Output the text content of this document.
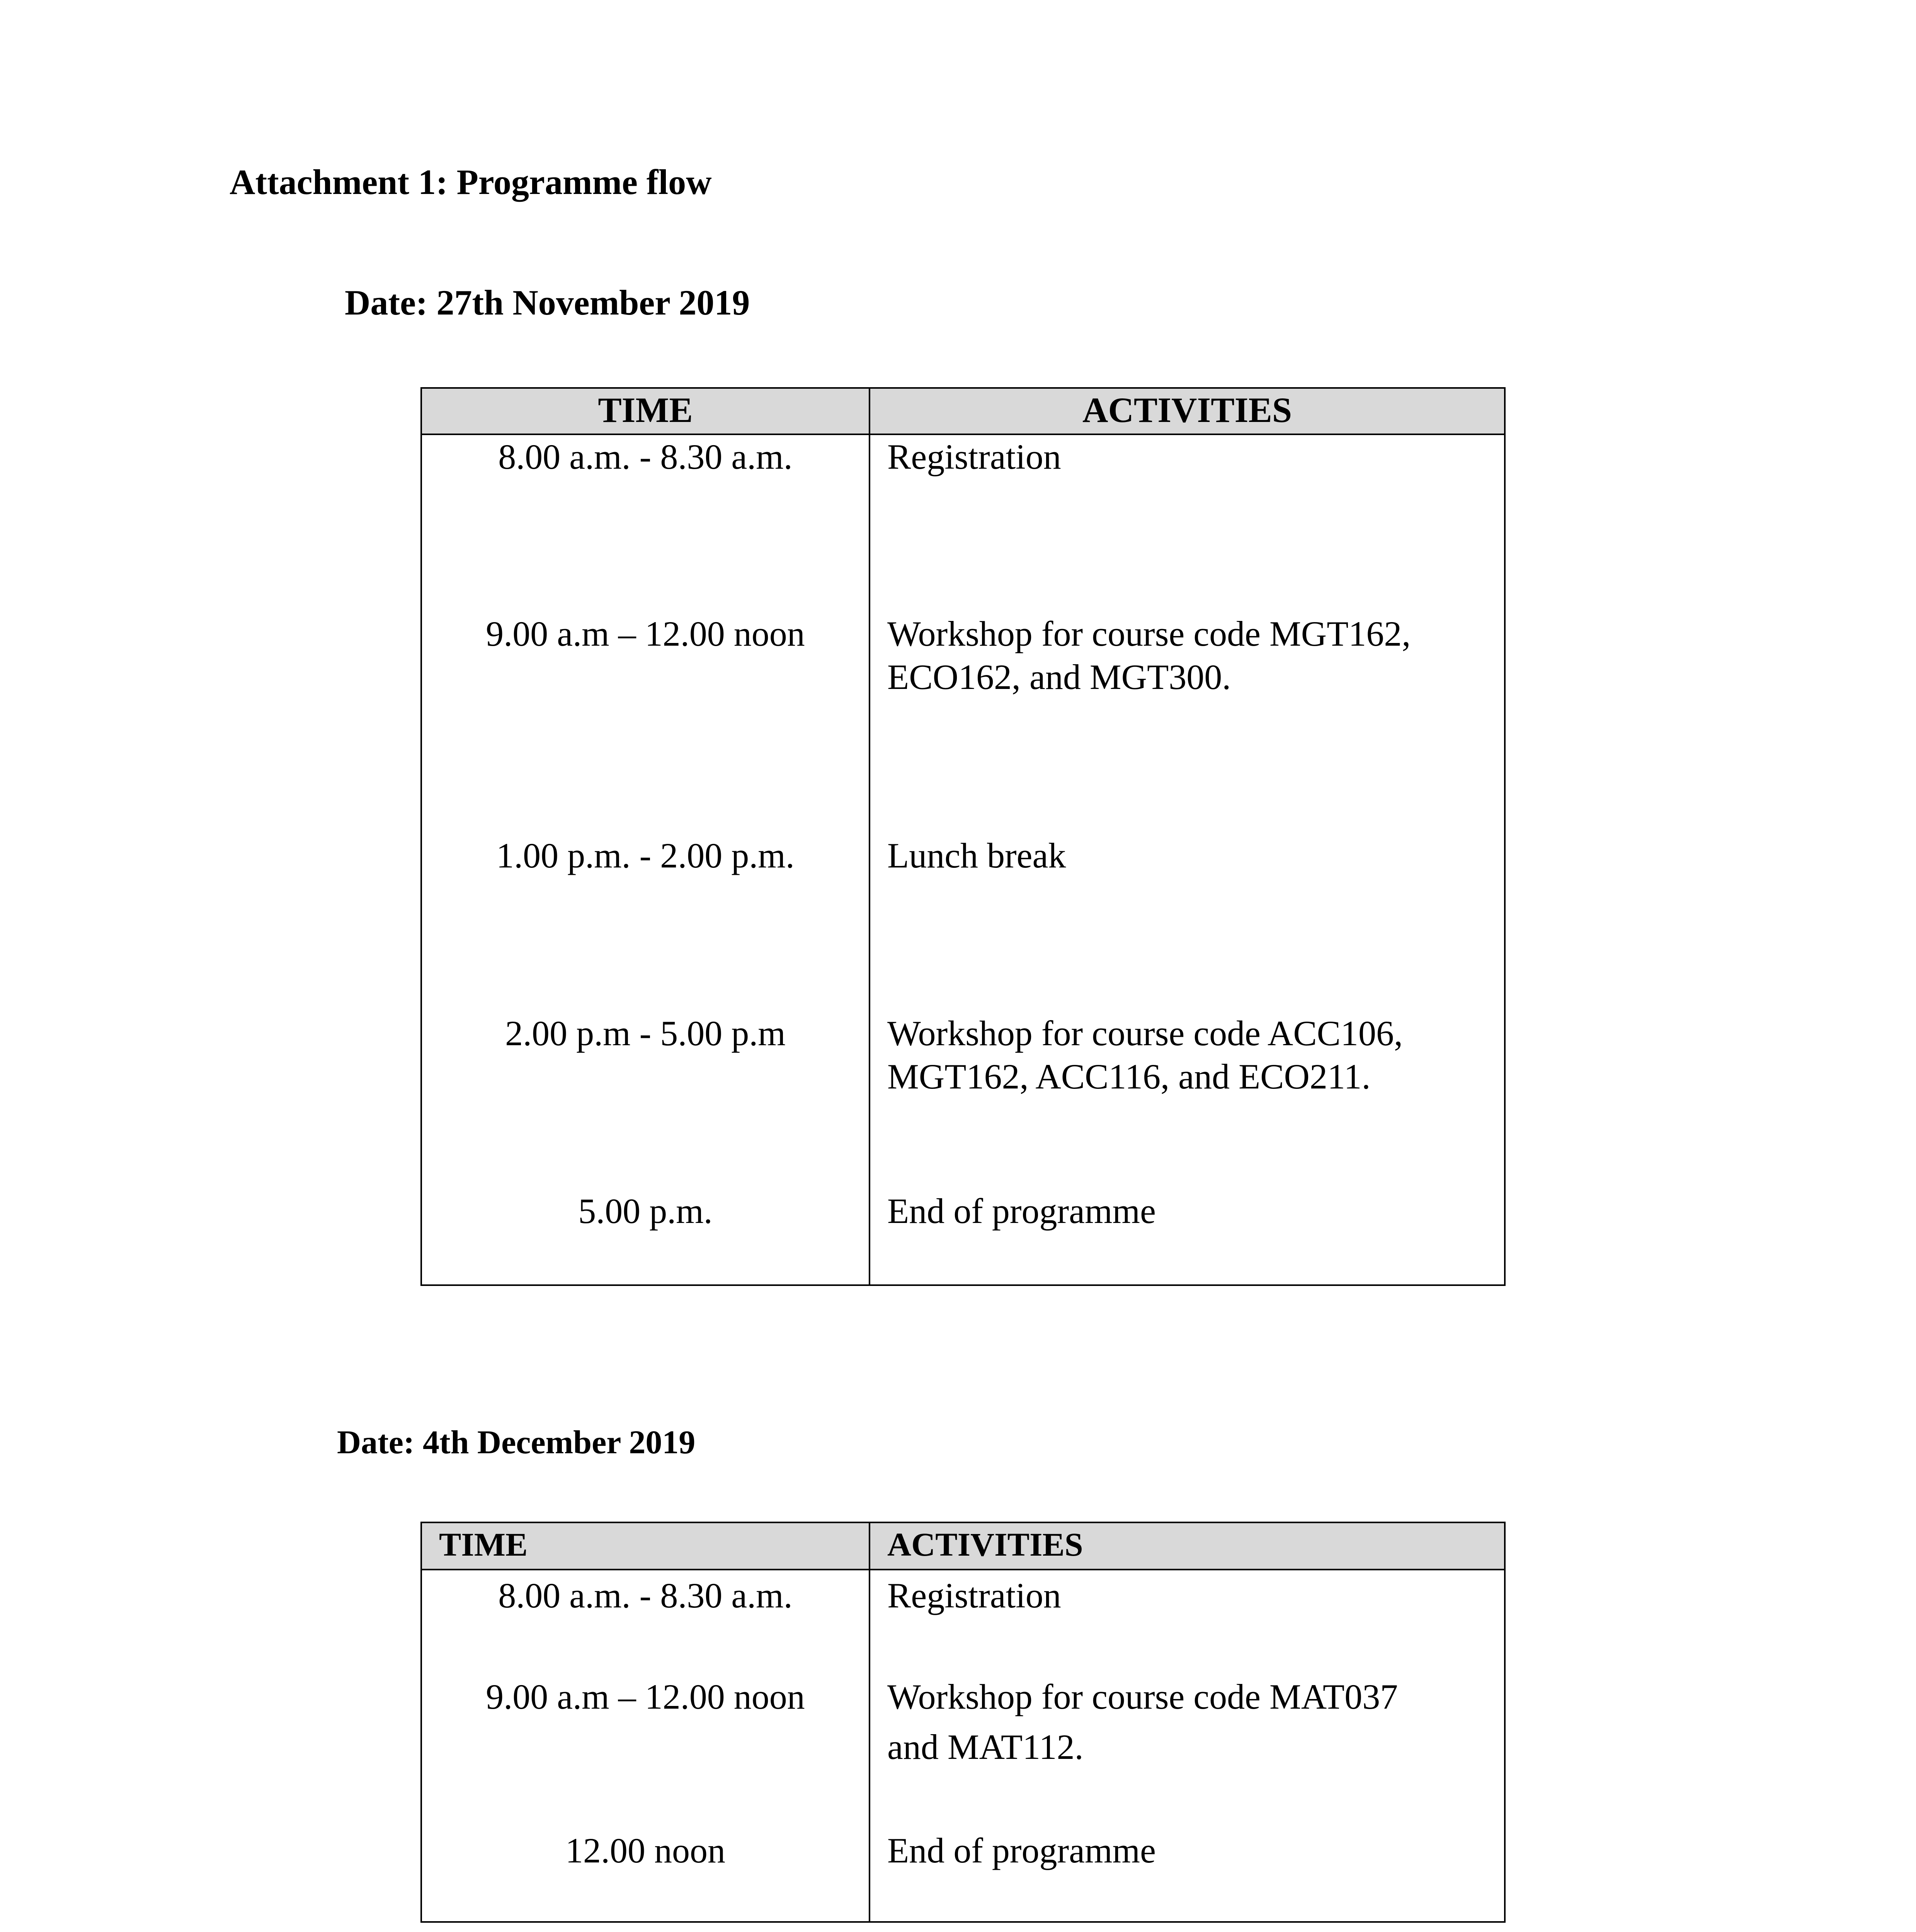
Attachment 1: Programme flow
Date: 27th November 2019
TIME	ACTIVITIES
8.00 a.m. - 8.30 a.m.	Registration

9.00 a.m – 12.00 noon	Workshop for course code MGT162,
ECO162, and MGT300.

1.00 p.m. - 2.00 p.m.	Lunch break

2.00 p.m - 5.00 p.m	Workshop for course code ACC106,
MGT162, ACC116, and ECO211.

5.00 p.m.	End of programme
Date: 4th December 2019
TIME	ACTIVITIES
8.00 a.m. - 8.30 a.m.	Registration

9.00 a.m – 12.00 noon	Workshop for course code MAT037
and MAT112.

12.00 noon	End of programme
